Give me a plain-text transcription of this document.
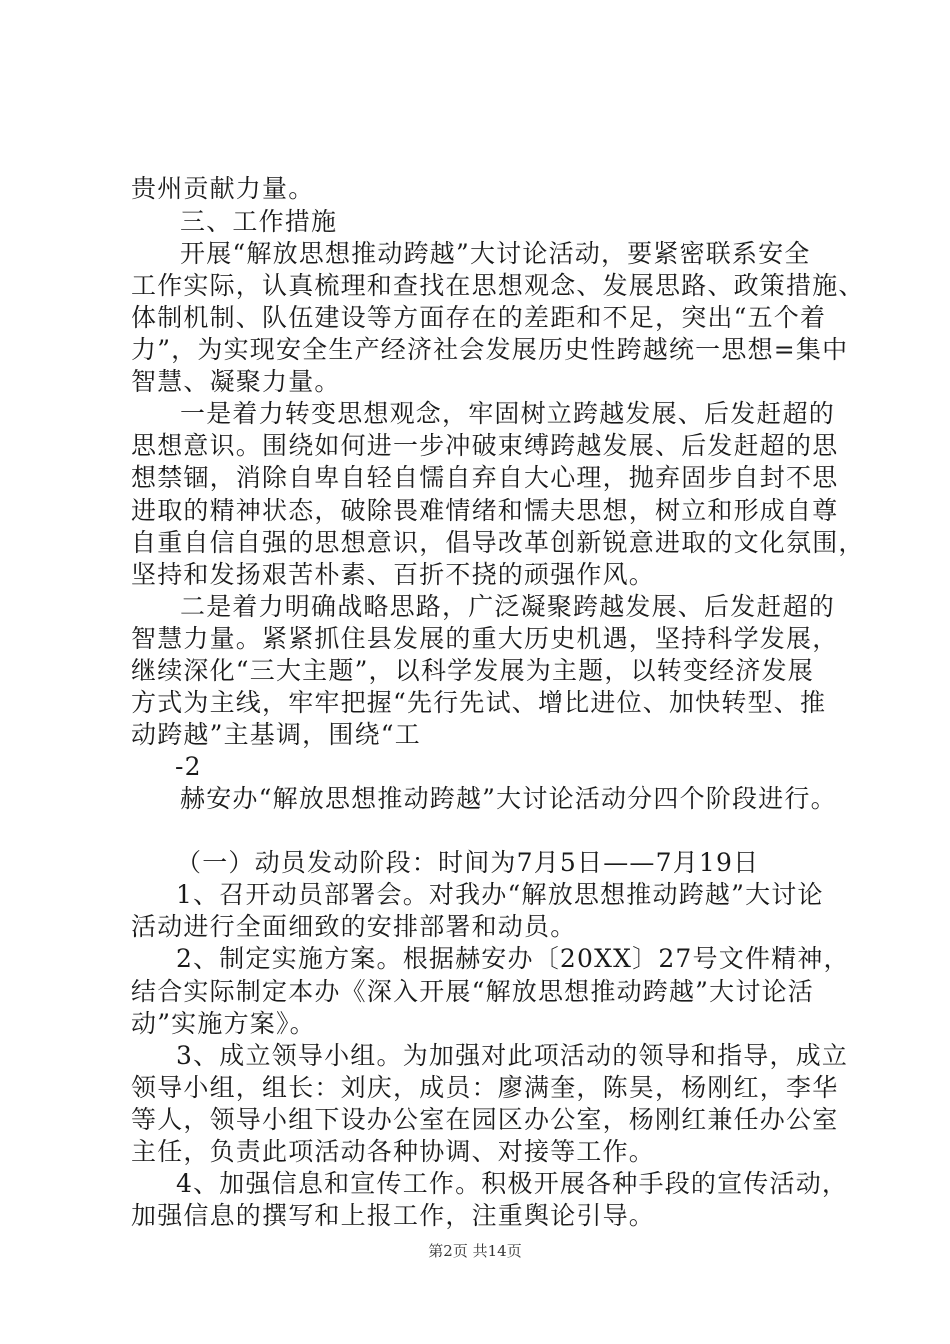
贵州贡献力量。
三、工作措施
开展“解放思想推动跨越”大讨论活动，要紧密联系安全
工作实际，认真梳理和查找在思想观念、发展思路、政策措施、
体制机制、队伍建设等方面存在的差距和不足，突出“五个着
力”，为实现安全生产经济社会发展历史性跨越统一思想=集中
智慧、凝聚力量。
一是着力转变思想观念，牢固树立跨越发展、后发赶超的
思想意识。围绕如何进一步冲破束缚跨越发展、后发赶超的思
想禁锢，消除自卑自轻自懦自弃自大心理，抛弃固步自封不思
进取的精神状态，破除畏难情绪和懦夫思想，树立和形成自尊
自重自信自强的思想意识，倡导改革创新锐意进取的文化氛围，
坚持和发扬艰苦朴素、百折不挠的顽强作风。
二是着力明确战略思路，广泛凝聚跨越发展、后发赶超的
智慧力量。紧紧抓住县发展的重大历史机遇，坚持科学发展，
继续深化“三大主题”，以科学发展为主题，以转变经济发展
方式为主线，牢牢把握“先行先试、增比进位、加快转型、推
动跨越”主基调，围绕“工
-2
赫安办“解放思想推动跨越”大讨论活动分四个阶段进行。
（一）动员发动阶段：时间为7月5日——7月19日
1、召开动员部署会。对我办“解放思想推动跨越”大讨论
活动进行全面细致的安排部署和动员。
2、制定实施方案。根据赫安办〔20XX〕27号文件精神，
结合实际制定本办《深入开展“解放思想推动跨越”大讨论活
动”实施方案》。
3、成立领导小组。为加强对此项活动的领导和指导，成立
领导小组，组长：刘庆，成员：廖满奎，陈昊，杨刚红，李华
等人，领导小组下设办公室在园区办公室，杨刚红兼任办公室
主任，负责此项活动各种协调、对接等工作。
4、加强信息和宣传工作。积极开展各种手段的宣传活动，
加强信息的撰写和上报工作，注重舆论引导。
第2页 共14页
